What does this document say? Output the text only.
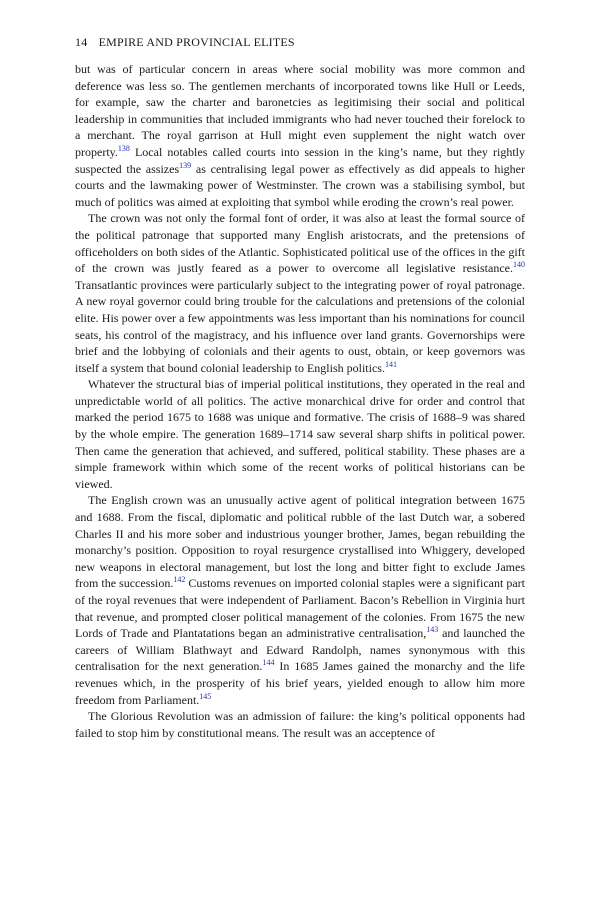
14 EMPIRE AND PROVINCIAL ELITES

but was of particular concern in areas where social mobility was more common and deference was less so. The gentlemen merchants of incorporated towns like Hull or Leeds, for example, saw the charter and baronetcies as legitimising their social and political leadership in communities that included immigrants who had never touched their forelock to a merchant. The royal garrison at Hull might even supplement the night watch over property.$^{138}$ Local notables called courts into session in the king’s name, but they rightly suspected the assizes$^{139}$ as centralising legal power as effectively as did appeals to higher courts and the lawmaking power of Westminster. The crown was a stabilising symbol, but much of politics was aimed at exploiting that symbol while eroding the crown’s real power.

The crown was not only the formal font of order, it was also at least the formal source of the political patronage that supported many English aristocrats, and the pretensions of officeholders on both sides of the Atlantic. Sophisticated political use of the offices in the gift of the crown was justly feared as a power to overcome all legislative resistance.$^{140}$ Transatlantic provinces were particularly subject to the integrating power of royal patronage. A new royal governor could bring trouble for the calculations and pretensions of the colonial elite. His power over a few appointments was less important than his nominations for council seats, his control of the magistracy, and his influence over land grants. Governorships were brief and the lobbying of colonials and their agents to oust, obtain, or keep governors was itself a system that bound colonial leadership to English politics.$^{141}$

Whatever the structural bias of imperial political institutions, they operated in the real and unpredictable world of all politics. The active monarchical drive for order and control that marked the period 1675 to 1688 was unique and formative. The crisis of 1688–9 was shared by the whole empire. The generation 1689–1714 saw several sharp shifts in political power. Then came the generation that achieved, and suffered, political stability. These phases are a simple framework within which some of the recent works of political historians can be viewed.

The English crown was an unusually active agent of political integration between 1675 and 1688. From the fiscal, diplomatic and political rubble of the last Dutch war, a sobered Charles II and his more sober and industrious younger brother, James, began rebuilding the monarchy’s position. Opposition to royal resurgence crystallised into Whiggery, developed new weapons in electoral management, but lost the long and bitter fight to exclude James from the succession.$^{142}$ Customs revenues on imported colonial staples were a significant part of the royal revenues that were independent of Parliament. Bacon’s Rebellion in Virginia hurt that revenue, and prompted closer political management of the colonies. From 1675 the new Lords of Trade and Plantatations began an administrative centralisation,$^{143}$ and launched the careers of William Blathwayt and Edward Randolph, names synonymous with this centralisation for the next generation.$^{144}$ In 1685 James gained the monarchy and the life revenues which, in the prosperity of his brief years, yielded enough to allow him more freedom from Parliament.$^{145}$

The Glorious Revolution was an admission of failure: the king’s political opponents had failed to stop him by constitutional means. The result was an acceptence of
